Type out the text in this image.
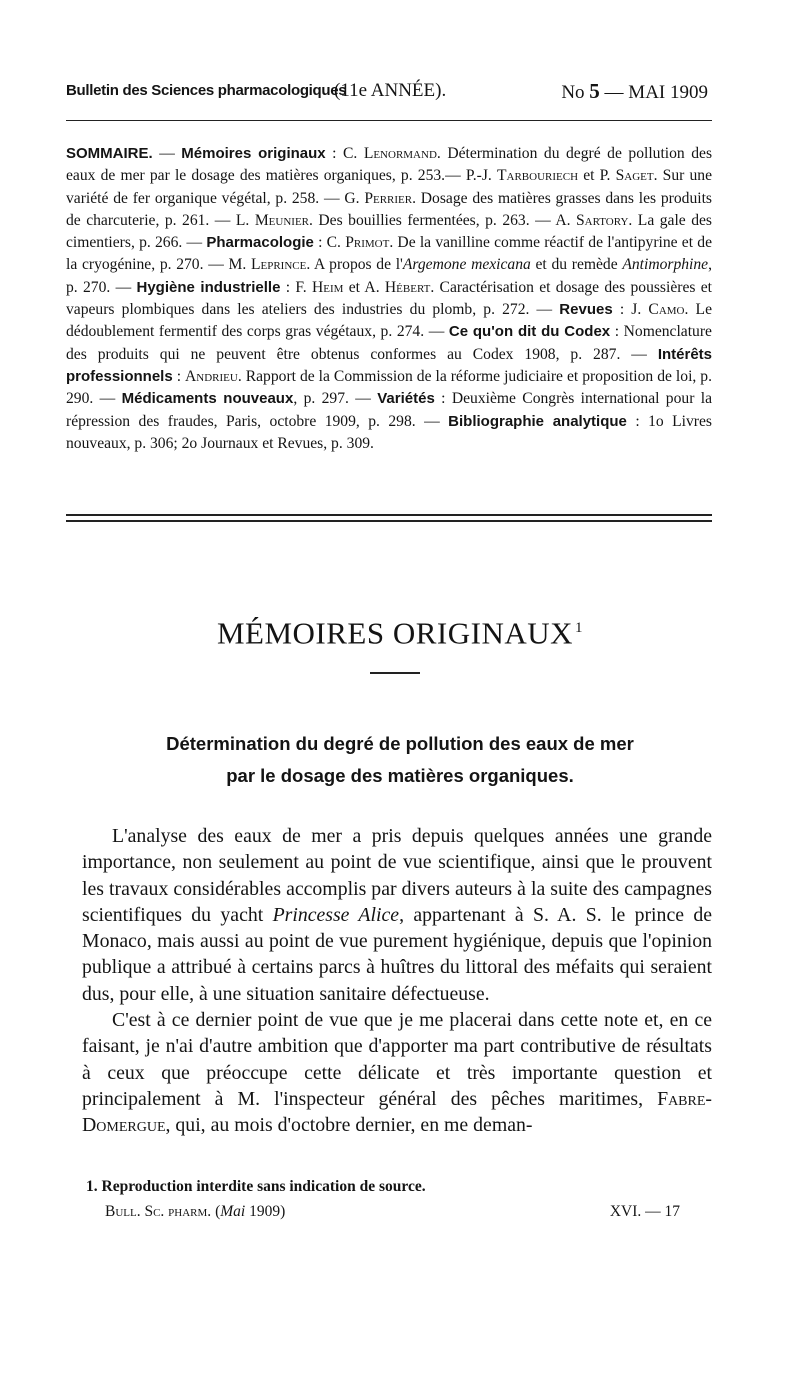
Bulletin des Sciences pharmacologiques
(11e ANNÉE).	No 5 — MAI 1909
SOMMAIRE. — Mémoires originaux : C. Lenormand. Détermination du degré de pollution des eaux de mer par le dosage des matières organiques, p. 253.— P.-J. Tarbouriech et P. Saget. Sur une variété de fer organique végétal, p. 258. — G. Perrier. Dosage des matières grasses dans les produits de charcuterie, p. 261. — L. Meunier. Des bouillies fermentées, p. 263. — A. Sartory. La gale des cimentiers, p. 266. — Pharmacologie : C. Primot. De la vanilline comme réactif de l'antipyrine et de la cryogénine, p. 270. — M. Leprince. A propos de l'Argemone mexicana et du remède Antimorphine, p. 270. — Hygiène industrielle : F. Heim et A. Hébert. Caractérisation et dosage des poussières et vapeurs plombiques dans les ateliers des industries du plomb, p. 272. — Revues : J. Camo. Le dédoublement fermentif des corps gras végétaux, p. 274. — Ce qu'on dit du Codex : Nomenclature des produits qui ne peuvent être obtenus conformes au Codex 1908, p. 287. — Intérêts professionnels : Andrieu. Rapport de la Commission de la réforme judiciaire et proposition de loi, p. 290. — Médicaments nouveaux, p. 297. — Variétés : Deuxième Congrès international pour la répression des fraudes, Paris, octobre 1909, p. 298. — Bibliographie analytique : 1o Livres nouveaux, p. 306; 2o Journaux et Revues, p. 309.
MÉMOIRES ORIGINAUX $^1$
Détermination du degré de pollution des eaux de mer
par le dosage des matières organiques.

L'analyse des eaux de mer a pris depuis quelques années une grande importance, non seulement au point de vue scientifique, ainsi que le prouvent les travaux considérables accomplis par divers auteurs à la suite des campagnes scientifiques du yacht Princesse Alice, appartenant à S. A. S. le prince de Monaco, mais aussi au point de vue purement hygiénique, depuis que l'opinion publique a attribué à certains parcs à huîtres du littoral des méfaits qui seraient dus, pour elle, à une situation sanitaire défectueuse.

C'est à ce dernier point de vue que je me placerai dans cette note et, en ce faisant, je n'ai d'autre ambition que d'apporter ma part contributive de résultats à ceux que préoccupe cette délicate et très importante question et principalement à M. l'inspecteur général des pêches maritimes, Fabre-Domergue, qui, au mois d'octobre dernier, en me deman-

1. Reproduction interdite sans indication de source.
Bull. Sc. pharm. (Mai 1909)	XVI. — 17
